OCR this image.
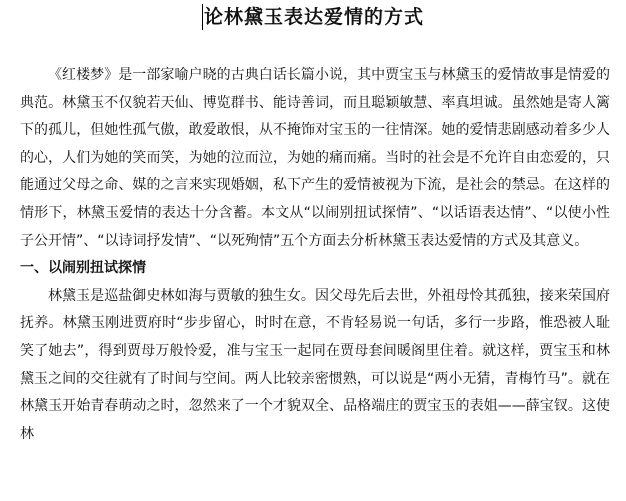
论林黛玉表达爱情的方式

《红楼梦》是一部家喻户晓的古典白话长篇小说，其中贾宝玉与林黛玉的爱情故事是情爱的典范。林黛玉不仅貌若天仙、博览群书、能诗善词，而且聪颖敏慧、率真坦诚。虽然她是寄人篱下的孤儿，但她性孤气傲，敢爱敢恨，从不掩饰对宝玉的一往情深。她的爱情悲剧感动着多少人的心，人们为她的笑而笑，为她的泣而泣，为她的痛而痛。当时的社会是不允许自由恋爱的，只能通过父母之命、媒的之言来实现婚姻，私下产生的爱情被视为下流，是社会的禁忌。在这样的情形下，林黛玉爱情的表达十分含蓄。本文从“以闹别扭试探情”、“以话语表达情”、“以使小性子公开情”、“以诗词抒发情”、“以死殉情”五个方面去分析林黛玉表达爱情的方式及其意义。

一、以闹别扭试探情

林黛玉是巡盐御史林如海与贾敏的独生女。因父母先后去世，外祖母怜其孤独，接来荣国府抚养。林黛玉刚进贾府时“步步留心，时时在意，不肯轻易说一句话，多行一步路，惟恐被人耻笑了她去”，得到贾母万般怜爱，准与宝玉一起同在贾母套间暖阁里住着。就这样，贾宝玉和林黛玉之间的交往就有了时间与空间。两人比较亲密惯熟，可以说是“两小无猜，青梅竹马”。就在林黛玉开始青春萌动之时，忽然来了一个才貌双全、品格端庄的贾宝玉的表姐——薛宝钗。这使林
